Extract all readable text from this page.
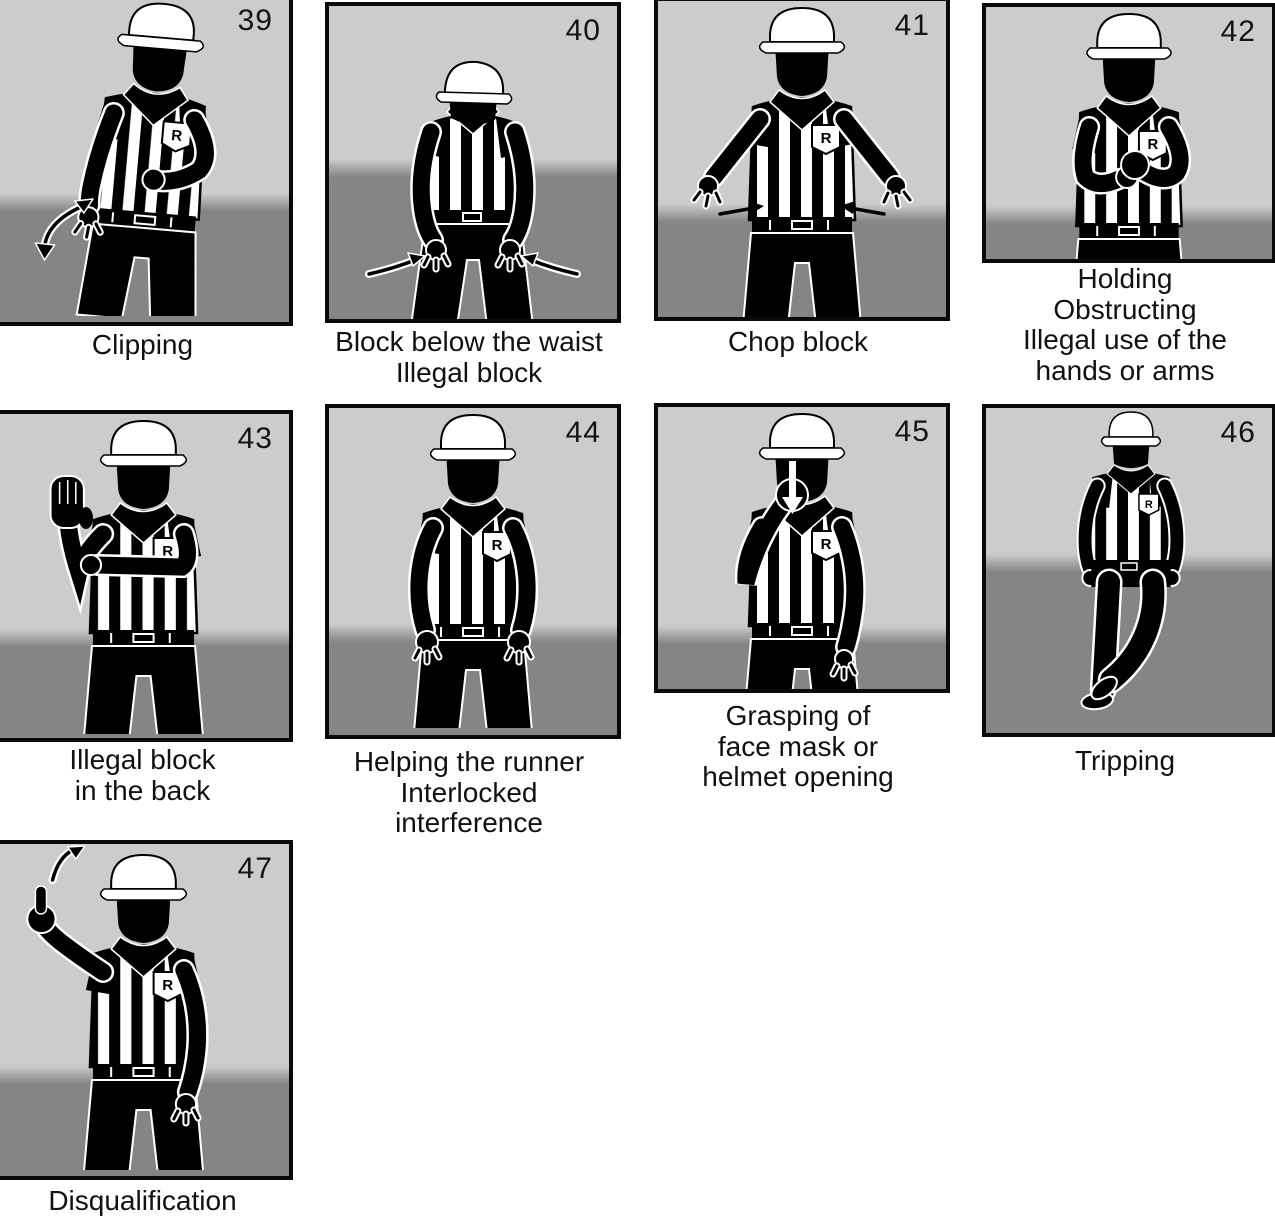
39
Clipping
40
Block below the waist
Illegal block
41
Chop block
42
Holding
Obstructing
Illegal use of the
hands or arms
43
Illegal block
in the back
44
Helping the runner
Interlocked
interference
45
Grasping of
face mask or
helmet opening
R
46
Tripping
47
Disqualification
